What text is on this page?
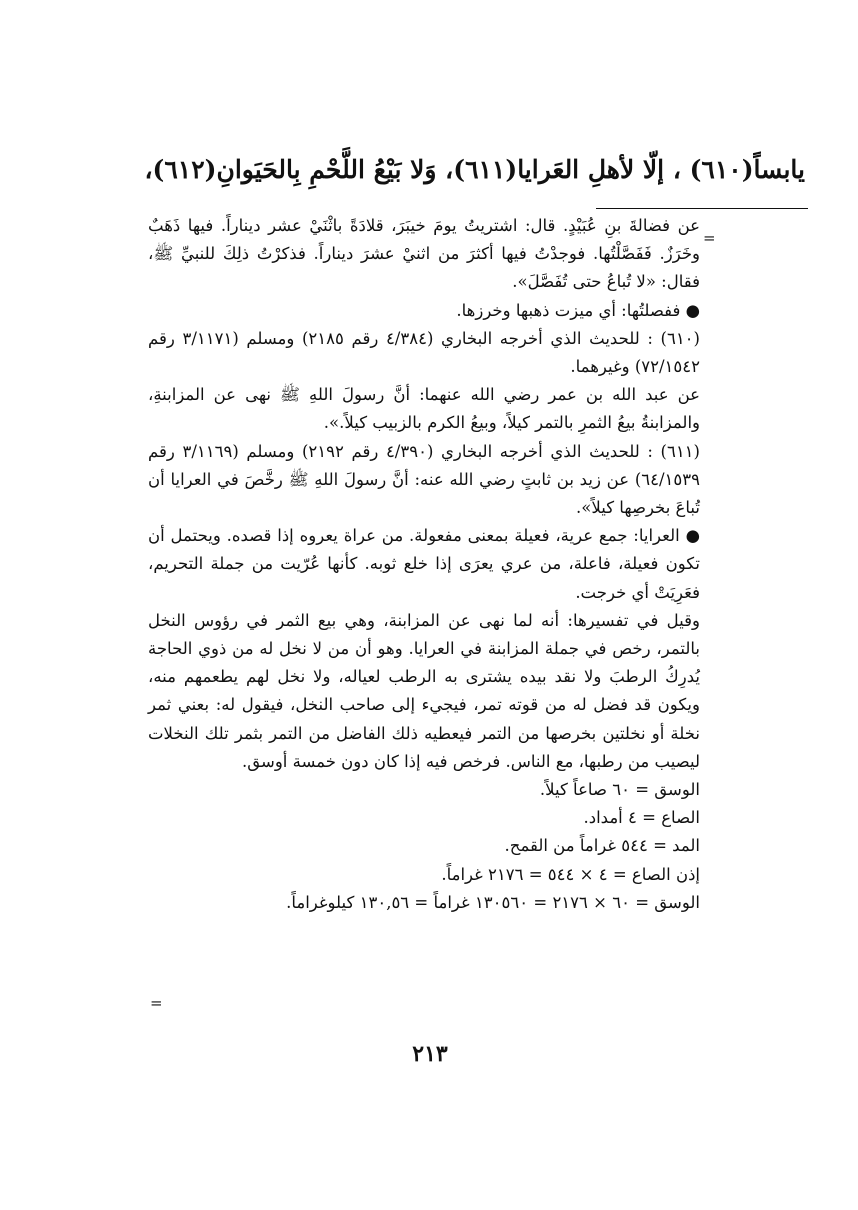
يابساً(٦١٠) ، إلّا لأهلِ العَرايا(٦١١)، وَلا بَيْعُ اللَّحْمِ بِالحَيَوانِ(٦١٢)،
=

عن فضالةَ بنِ عُبَيْدٍ. قال: اشتريتُ يومَ خيبَرَ، قلادَةً باثْنَيْ عشر ديناراً. فيها ذَهَبٌ وخَرَزٌ. فَفَصَّلْتُها. فوجدْتُ فيها أكثرَ من اثنيْ عشرَ ديناراً. فذكرْتُ ذلِكَ للنبيِّ ﷺ، فقال: «لا تُباعُ حتى تُفَصَّلَ».

● ففصلتُها: أي ميزت ذهبها وخرزها.

(٦١٠) : للحديث الذي أخرجه البخاري (٤/٣٨٤ رقم ٢١٨٥) ومسلم (٣/١١٧١ رقم ٧٢/١٥٤٢) وغيرهما.

عن عبد الله بن عمر رضي الله عنهما: أنَّ رسولَ اللهِ ﷺ نهى عن المزابنةِ، والمزابنةُ بيعُ الثمرِ بالتمر كيلاً، وبيعُ الكرم بالزبيب كيلاً.».

(٦١١) : للحديث الذي أخرجه البخاري (٤/٣٩٠ رقم ٢١٩٢) ومسلم (٣/١١٦٩ رقم ٦٤/١٥٣٩) عن زيد بن ثابتٍ رضي الله عنه: أنَّ رسولَ اللهِ ﷺ رخَّصَ في العرايا أن تُباعَ بخرصِها كيلاً».

● العرايا: جمع عرية، فعيلة بمعنى مفعولة. من عراة يعروه إذا قصده. ويحتمل أن تكون فعيلة، فاعلة، من عري يعرَى إذا خلع ثوبه. كأنها عُرّيت من جملة التحريم، فعَرِيَتْ أي خرجت.

وقيل في تفسيرها: أنه لما نهى عن المزابنة، وهي بيع الثمر في رؤوس النخل بالتمر، رخص في جملة المزابنة في العرايا. وهو أن من لا نخل له من ذوي الحاجة يُدرِكُ الرطبَ ولا نقد بيده يشترى به الرطب لعياله، ولا نخل لهم يطعمهم منه، ويكون قد فضل له من قوته تمر، فيجيء إلى صاحب النخل، فيقول له: بعني ثمر نخلة أو نخلتين بخرصها من التمر فيعطيه ذلك الفاضل من التمر بثمر تلك النخلات ليصيب من رطبها، مع الناس. فرخص فيه إذا كان دون خمسة أوسق.

الوسق = ٦٠ صاعاً كيلاً.

الصاع = ٤ أمداد.

المد = ٥٤٤ غراماً من القمح.

إذن الصاع = ٤ × ٥٤٤ = ٢١٧٦ غراماً.

الوسق = ٦٠ × ٢١٧٦ = ١٣٠٥٦٠ غراماً = ١٣٠,٥٦ كيلوغراماً.

=
٢١٣
